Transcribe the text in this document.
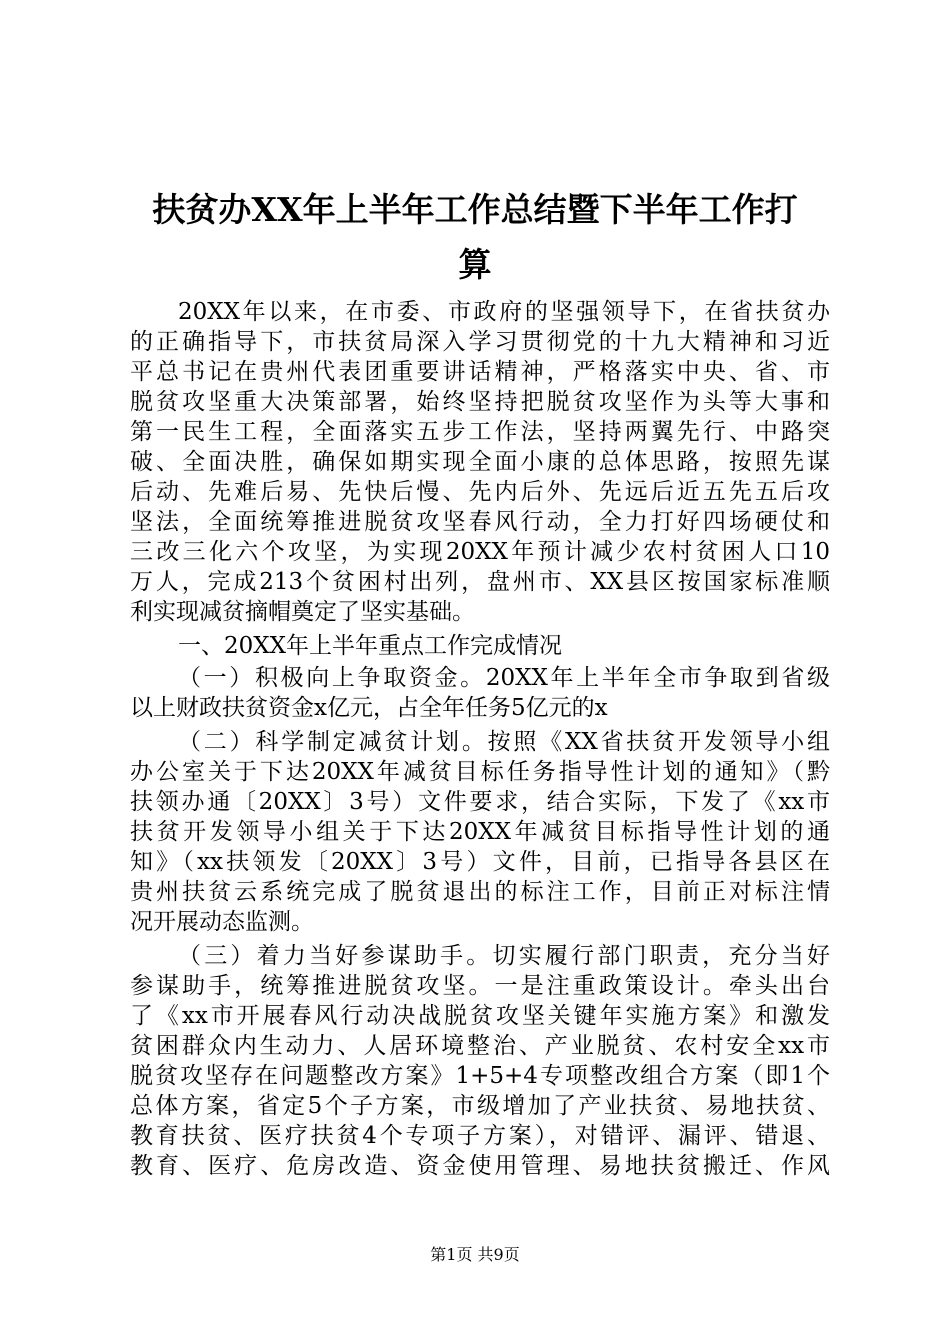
扶贫办XX年上半年工作总结暨下半年工作打
算
20XX年以来，在市委、市政府的坚强领导下，在省扶贫办
的正确指导下，市扶贫局深入学习贯彻党的十九大精神和习近
平总书记在贵州代表团重要讲话精神，严格落实中央、省、市
脱贫攻坚重大决策部署，始终坚持把脱贫攻坚作为头等大事和
第一民生工程，全面落实五步工作法，坚持两翼先行、中路突
破、全面决胜，确保如期实现全面小康的总体思路，按照先谋
后动、先难后易、先快后慢、先内后外、先远后近五先五后攻
坚法，全面统筹推进脱贫攻坚春风行动，全力打好四场硬仗和
三改三化六个攻坚，为实现20XX年预计减少农村贫困人口10
万人，完成213个贫困村出列，盘州市、XX县区按国家标准顺
利实现减贫摘帽奠定了坚实基础。
一、20XX年上半年重点工作完成情况
（一）积极向上争取资金。20XX年上半年全市争取到省级
以上财政扶贫资金x亿元，占全年任务5亿元的x
（二）科学制定减贫计划。按照《XX省扶贫开发领导小组
办公室关于下达20XX年减贫目标任务指导性计划的通知》（黔
扶领办通〔20XX〕3号）文件要求，结合实际，下发了《xx市
扶贫开发领导小组关于下达20XX年减贫目标指导性计划的通
知》（xx扶领发〔20XX〕3号）文件，目前，已指导各县区在
贵州扶贫云系统完成了脱贫退出的标注工作，目前正对标注情
况开展动态监测。
（三）着力当好参谋助手。切实履行部门职责，充分当好
参谋助手，统筹推进脱贫攻坚。一是注重政策设计。牵头出台
了《xx市开展春风行动决战脱贫攻坚关键年实施方案》和激发
贫困群众内生动力、人居环境整治、产业脱贫、农村安全xx市
脱贫攻坚存在问题整改方案》1+5+4专项整改组合方案（即1个
总体方案，省定5个子方案，市级增加了产业扶贫、易地扶贫、
教育扶贫、医疗扶贫4个专项子方案），对错评、漏评、错退、
教育、医疗、危房改造、资金使用管理、易地扶贫搬迁、作风
第1页 共9页
